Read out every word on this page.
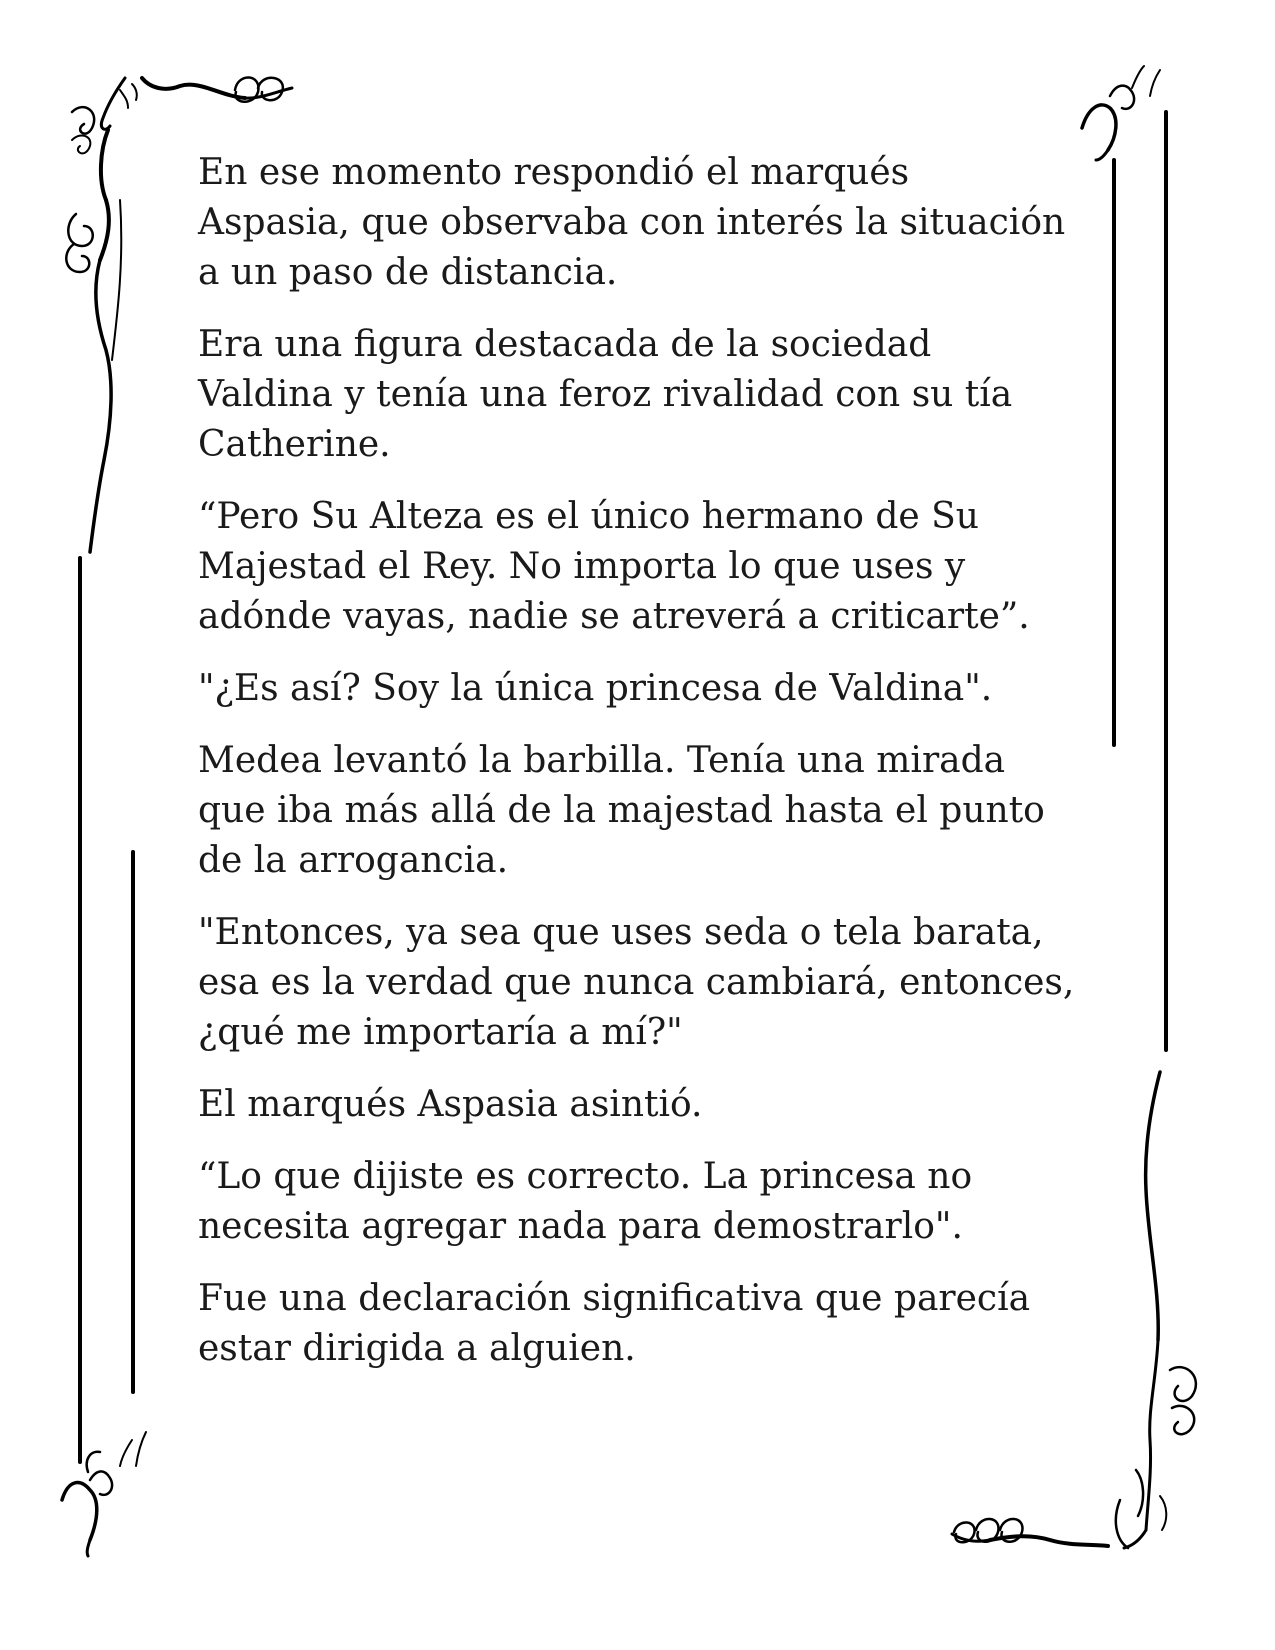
En ese momento respondió el marqués
Aspasia, que observaba con interés la situación
a un paso de distancia.

Era una figura destacada de la sociedad
Valdina y tenía una feroz rivalidad con su tía
Catherine.

“Pero Su Alteza es el único hermano de Su
Majestad el Rey. No importa lo que uses y
adónde vayas, nadie se atreverá a criticarte”.

"¿Es así? Soy la única princesa de Valdina".

Medea levantó la barbilla. Tenía una mirada
que iba más allá de la majestad hasta el punto
de la arrogancia.

"Entonces, ya sea que uses seda o tela barata,
esa es la verdad que nunca cambiará, entonces,
¿qué me importaría a mí?"

El marqués Aspasia asintió.

“Lo que dijiste es correcto. La princesa no
necesita agregar nada para demostrarlo".

Fue una declaración significativa que parecía
estar dirigida a alguien.
